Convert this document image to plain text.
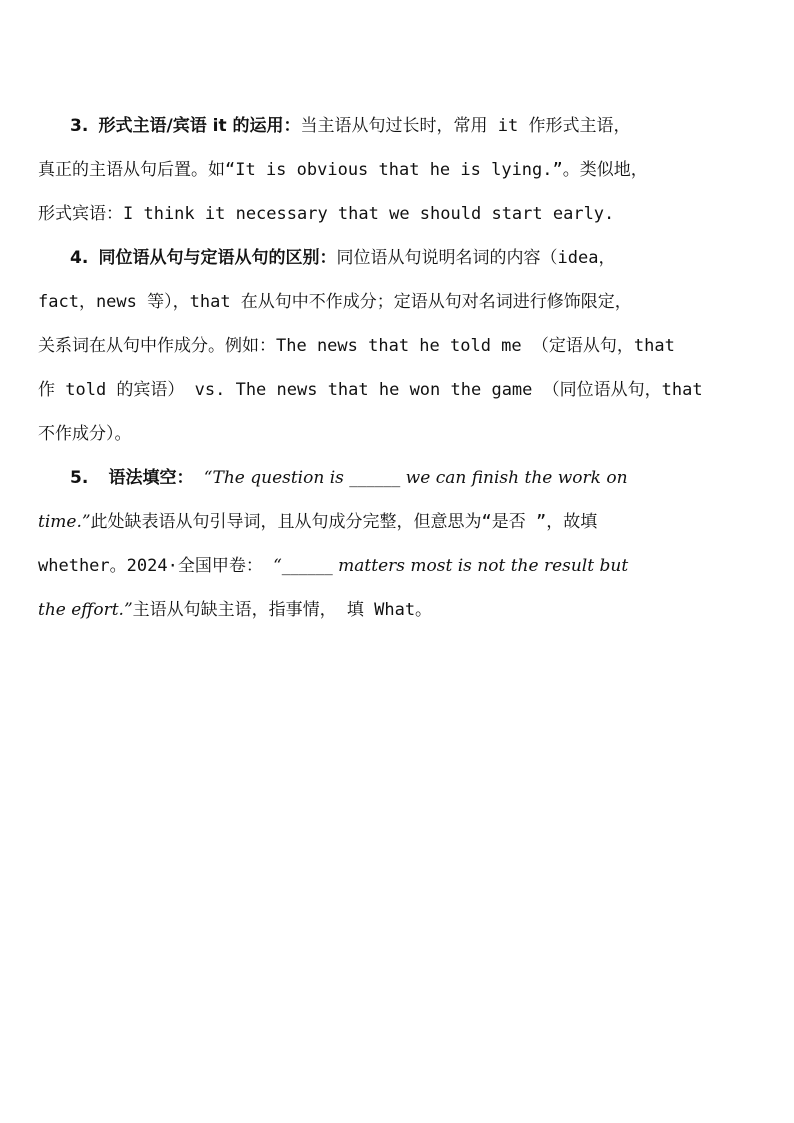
3. 形式主语/宾语 it 的运用：当主语从句过长时，常用 it 作形式主语，
真正的主语从句后置。如“It is obvious that he is lying.”。类似地，
形式宾语：I think it necessary that we should start early.

4. 同位语从句与定语从句的区别：同位语从句说明名词的内容（idea，
fact，news 等），that 在从句中不作成分；定语从句对名词进行修饰限定，
关系词在从句中作成分。例如：The news that he told me （定语从句，that
作 told 的宾语） vs. The news that he won the game （同位语从句，that
不作成分）。

5. 语法填空： “The question is ______ we can finish the work on
time.”此处缺表语从句引导词，且从句成分完整，但意思为“是否 ”，故填
whether。2024·全国甲卷： “______ matters most is not the result but
the effort.”主语从句缺主语，指事情， 填 What。
